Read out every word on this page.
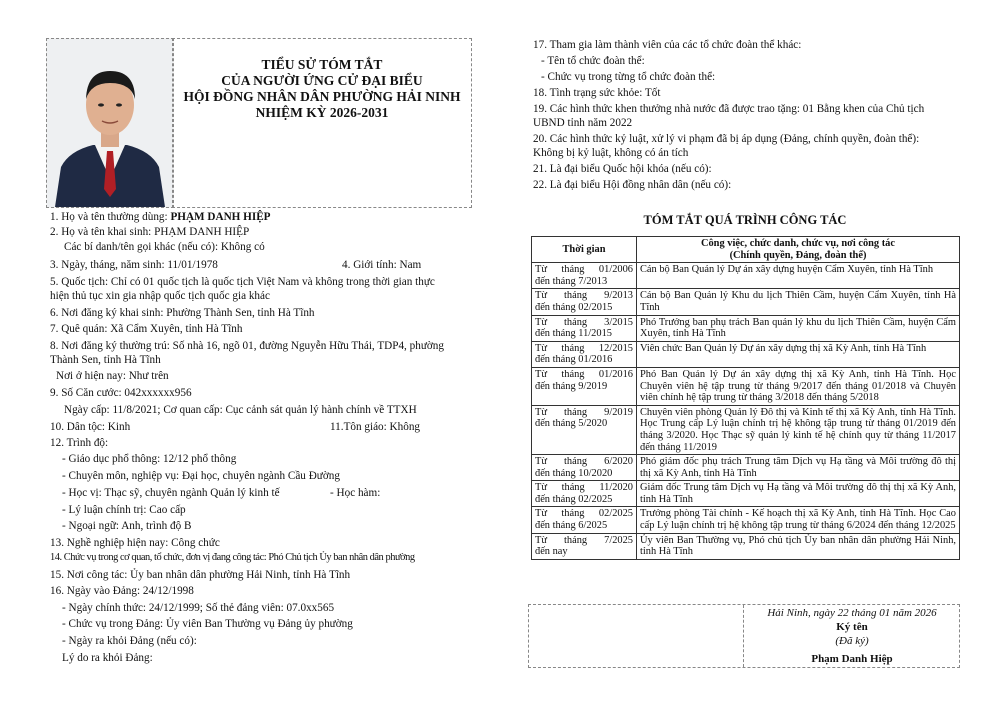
TIỂU SỬ TÓM TẮT
CỦA NGƯỜI ỨNG CỬ ĐẠI BIỂU
HỘI ĐỒNG NHÂN DÂN PHƯỜNG HẢI NINH
NHIỆM KỲ 2026-2031
1. Họ và tên thường dùng: PHẠM DANH HIỆP
2. Họ và tên khai sinh: PHẠM DANH HIỆP
Các bí danh/tên gọi khác (nếu có): Không có
3. Ngày, tháng, năm sinh: 11/01/1978	4. Giới tính: Nam
5. Quốc tịch: Chỉ có 01 quốc tịch là quốc tịch Việt Nam và không trong thời gian thực
hiện thủ tục xin gia nhập quốc tịch quốc gia khác
6. Nơi đăng ký khai sinh: Phường Thành Sen, tỉnh Hà Tĩnh
7. Quê quán: Xã Cẩm Xuyên, tỉnh Hà Tĩnh
8. Nơi đăng ký thường trú: Số nhà 16, ngõ 01, đường Nguyễn Hữu Thái, TDP4, phường
Thành Sen, tỉnh Hà Tĩnh
Nơi ở hiện nay: Như trên
9. Số Căn cước: 042xxxxxx956
Ngày cấp: 11/8/2021; Cơ quan cấp: Cục cảnh sát quản lý hành chính về TTXH
10. Dân tộc: Kinh	11.Tôn giáo: Không
12. Trình độ:
- Giáo dục phổ thông: 12/12 phổ thông
- Chuyên môn, nghiệp vụ: Đại học, chuyên ngành Cầu Đường
- Học vị: Thạc sỹ, chuyên ngành Quản lý kinh tế	- Học hàm:
- Lý luận chính trị: Cao cấp
- Ngoại ngữ: Anh, trình độ B
13. Nghề nghiệp hiện nay: Công chức
14. Chức vụ trong cơ quan, tổ chức, đơn vị đang công tác: Phó Chủ tịch Ủy ban nhân dân phường
15. Nơi công tác: Ủy ban nhân dân phường Hải Ninh, tỉnh Hà Tĩnh
16. Ngày vào Đảng: 24/12/1998
- Ngày chính thức: 24/12/1999; Số thẻ đảng viên: 07.0xx565
- Chức vụ trong Đảng: Ủy viên Ban Thường vụ Đảng ủy phường
- Ngày ra khỏi Đảng (nếu có):
Lý do ra khỏi Đảng:
17. Tham gia làm thành viên của các tổ chức đoàn thể khác:
- Tên tổ chức đoàn thể:
- Chức vụ trong từng tổ chức đoàn thể:
18. Tình trạng sức khỏe: Tốt
19. Các hình thức khen thưởng nhà nước đã được trao tặng: 01 Bằng khen của Chủ tịch
UBND tỉnh năm 2022
20. Các hình thức kỷ luật, xử lý vi phạm đã bị áp dụng (Đảng, chính quyền, đoàn thể):
Không bị kỷ luật, không có án tích
21. Là đại biểu Quốc hội khóa (nếu có):
22. Là đại biểu Hội đồng nhân dân (nếu có):
TÓM TẮT QUÁ TRÌNH CÔNG TÁC
Thời gian	Công việc, chức danh, chức vụ, nơi công tác
(Chính quyền, Đảng, đoàn thể)

Từ tháng 01/2006
đến tháng 7/2013	Cán bộ Ban Quản lý Dự án xây dựng huyện Cẩm Xuyên, tỉnh Hà Tĩnh

Từ tháng 9/2013
đến tháng 02/2015	Cán bộ Ban Quản lý Khu du lịch Thiên Cầm, huyện Cẩm Xuyên, tỉnh Hà Tĩnh

Từ tháng 3/2015
đến tháng 11/2015	Phó Trưởng ban phụ trách Ban quản lý khu du lịch Thiên Cầm, huyện Cẩm Xuyên, tỉnh Hà Tĩnh

Từ tháng 12/2015
đến tháng 01/2016	Viên chức Ban Quản lý Dự án xây dựng thị xã Kỳ Anh, tỉnh Hà Tĩnh

Từ tháng 01/2016
đến tháng 9/2019	Phó Ban Quản lý Dự án xây dựng thị xã Kỳ Anh, tỉnh Hà Tĩnh. Học Chuyên viên hệ tập trung từ tháng 9/2017 đến tháng 01/2018 và Chuyên viên chính hệ tập trung từ tháng 3/2018 đến tháng 5/2018

Từ tháng 9/2019
đến tháng 5/2020	Chuyên viên phòng Quản lý Đô thị và Kinh tế thị xã Kỳ Anh, tỉnh Hà Tĩnh. Học Trung cấp Lý luận chính trị hệ không tập trung từ tháng 01/2019 đến tháng 3/2020. Học Thạc sỹ quản lý kinh tế hệ chính quy từ tháng 11/2017 đến tháng 11/2019

Từ tháng 6/2020
đến tháng 10/2020	Phó giám đốc phụ trách Trung tâm Dịch vụ Hạ tầng và Môi trường đô thị thị xã Kỳ Anh, tỉnh Hà Tĩnh

Từ tháng 11/2020
đến tháng 02/2025	Giám đốc Trung tâm Dịch vụ Hạ tầng và Môi trường đô thị thị xã Kỳ Anh, tỉnh Hà Tĩnh

Từ tháng 02/2025
đến tháng 6/2025	Trưởng phòng Tài chính - Kế hoạch thị xã Kỳ Anh, tỉnh Hà Tĩnh. Học Cao cấp Lý luận chính trị hệ không tập trung từ tháng 6/2024 đến tháng 12/2025

Từ tháng 7/2025
đến nay	Ủy viên Ban Thường vụ, Phó chủ tịch Ủy ban nhân dân phường Hải Ninh, tỉnh Hà Tĩnh
Hải Ninh, ngày 22 tháng 01 năm 2026
Ký tên
(Đã ký)
Phạm Danh Hiệp
